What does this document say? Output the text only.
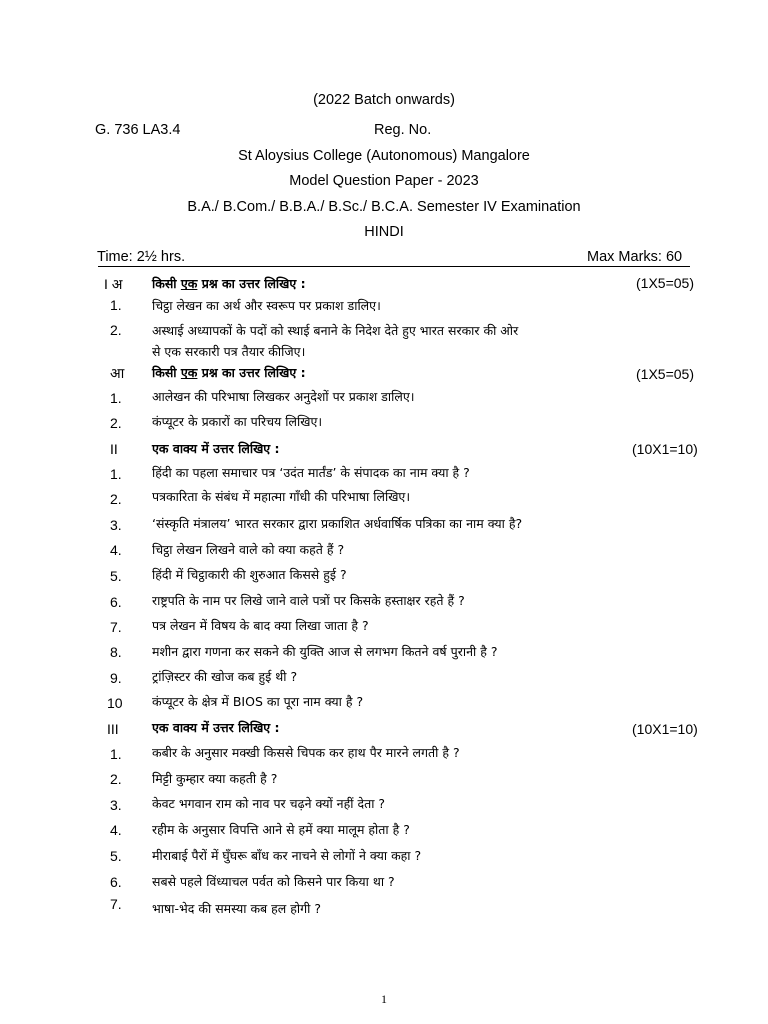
(2022 Batch onwards)
G. 736 LA3.4	Reg. No.
St Aloysius College (Autonomous) Mangalore
Model Question Paper - 2023
B.A./ B.Com./ B.B.A./ B.Sc./ B.C.A. Semester IV Examination
HINDI
Time: 2½ hrs.	Max Marks: 60
I अ किसी एक प्रश्न का उत्तर लिखिए :	(1X5=05)
1. चिट्ठा लेखन का अर्थ और स्वरूप पर प्रकाश डालिए।
2. अस्थाई अध्यापकों के पदों को स्थाई बनाने के निदेश देते हुए भारत सरकार की ओर
से एक सरकारी पत्र तैयार कीजिए।
आ किसी एक प्रश्न का उत्तर लिखिए :	(1X5=05)
1. आलेखन की परिभाषा लिखकर अनुदेशों पर प्रकाश डालिए।
2. कंप्यूटर के प्रकारों का परिचय लिखिए।
II	एक वाक्य में उत्तर लिखिए :	(10X1=10)
1. हिंदी का पहला समाचार पत्र ‘उदंत मार्तंड’ के संपादक का नाम क्या है ?
2. पत्रकारिता के संबंध में महात्मा गाँधी की परिभाषा लिखिए।
3. ‘संस्कृति मंत्रालय’ भारत सरकार द्वारा प्रकाशित अर्धवार्षिक पत्रिका का नाम क्या है?
4. चिट्ठा लेखन लिखने वाले को क्या कहते हैं ?
5. हिंदी में चिट्ठाकारी की शुरुआत किससे हुई ?
6. राष्ट्रपति के नाम पर लिखे जाने वाले पत्रों पर किसके हस्ताक्षर रहते हैं ?
7. पत्र लेखन में विषय के बाद क्या लिखा जाता है ?
8. मशीन द्वारा गणना कर सकने की युक्ति आज से लगभग कितने वर्ष पुरानी है ?
9. ट्रांज़िस्टर की खोज कब हुई थी ?
10 कंप्यूटर के क्षेत्र में BIOS का पूरा नाम क्या है ?
III	एक वाक्य में उत्तर लिखिए :	(10X1=10)
1. कबीर के अनुसार मक्खी किससे चिपक कर हाथ पैर मारने लगती है ?
2. मिट्टी कुम्हार क्या कहती है ?
3. केवट भगवान राम को नाव पर चढ़ने क्यों नहीं देता ?
4. रहीम के अनुसार विपत्ति आने से हमें क्या मालूम होता है ?
5. मीराबाई पैरों में घुँघरू बाँध कर नाचने से लोगों ने क्या कहा ?
6. सबसे पहले विंध्याचल पर्वत को किसने पार किया था ?
7. भाषा-भेद की समस्या कब हल होगी ?
1
